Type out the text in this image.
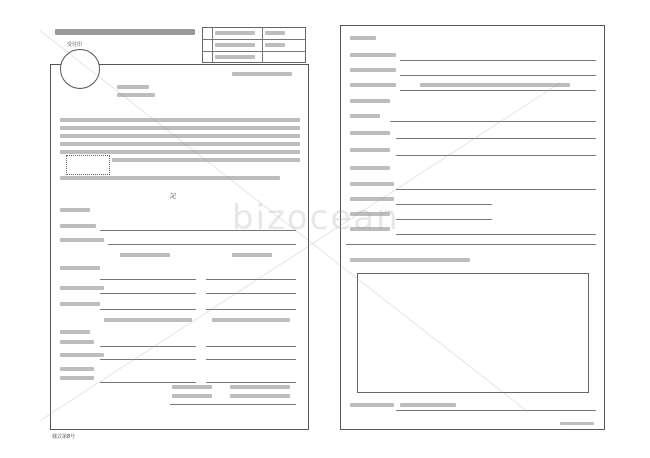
受付印
記
様式第8号
bizocean
